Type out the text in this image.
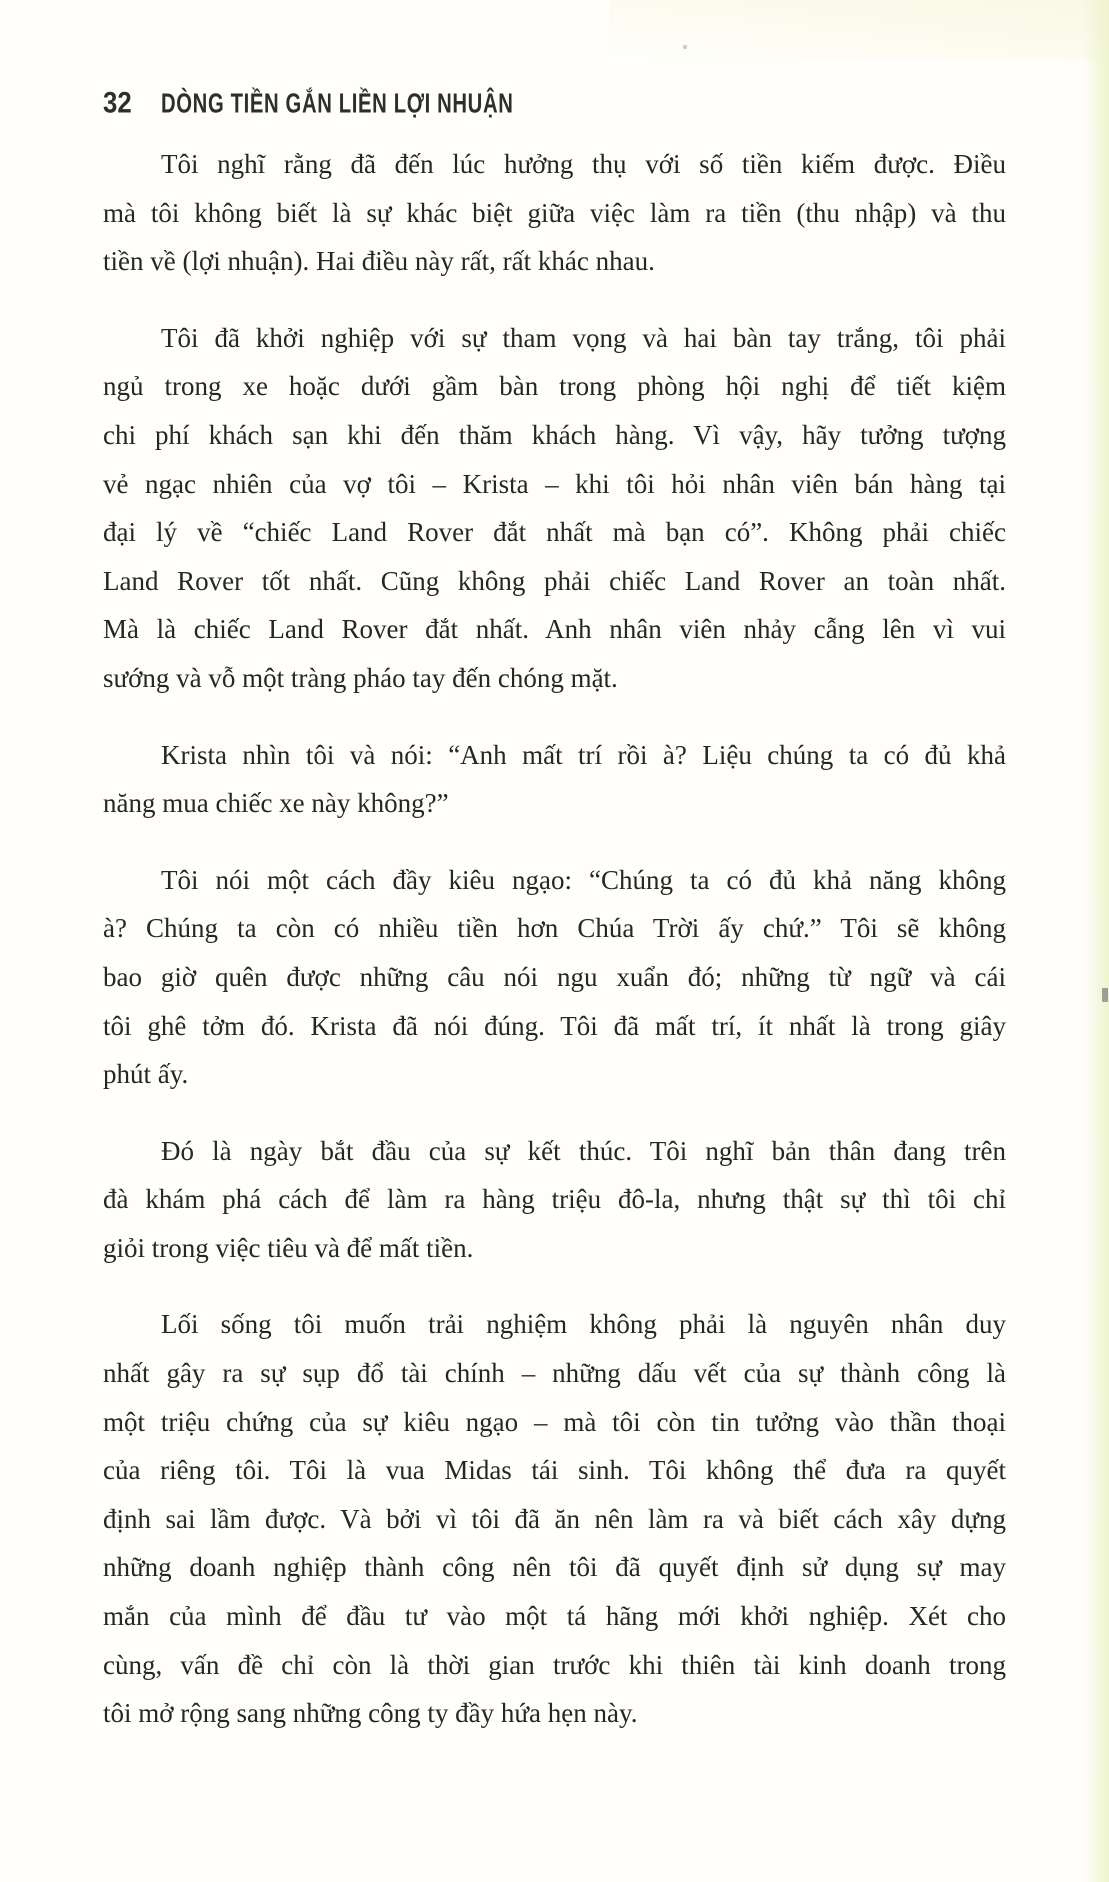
32 DÒNG TIỀN GẮN LIỀN LỢI NHUẬN
Tôi nghĩ rằng đã đến lúc hưởng thụ với số tiền kiếm được. Điều
mà tôi không biết là sự khác biệt giữa việc làm ra tiền (thu nhập) và thu
tiền về (lợi nhuận). Hai điều này rất, rất khác nhau.
Tôi đã khởi nghiệp với sự tham vọng và hai bàn tay trắng, tôi phải
ngủ trong xe hoặc dưới gầm bàn trong phòng hội nghị để tiết kiệm
chi phí khách sạn khi đến thăm khách hàng. Vì vậy, hãy tưởng tượng
vẻ ngạc nhiên của vợ tôi – Krista – khi tôi hỏi nhân viên bán hàng tại
đại lý về “chiếc Land Rover đắt nhất mà bạn có”. Không phải chiếc
Land Rover tốt nhất. Cũng không phải chiếc Land Rover an toàn nhất.
Mà là chiếc Land Rover đắt nhất. Anh nhân viên nhảy cẫng lên vì vui
sướng và vỗ một tràng pháo tay đến chóng mặt.
Krista nhìn tôi và nói: “Anh mất trí rồi à? Liệu chúng ta có đủ khả
năng mua chiếc xe này không?”
Tôi nói một cách đầy kiêu ngạo: “Chúng ta có đủ khả năng không
à? Chúng ta còn có nhiều tiền hơn Chúa Trời ấy chứ.” Tôi sẽ không
bao giờ quên được những câu nói ngu xuẩn đó; những từ ngữ và cái
tôi ghê tởm đó. Krista đã nói đúng. Tôi đã mất trí, ít nhất là trong giây
phút ấy.
Đó là ngày bắt đầu của sự kết thúc. Tôi nghĩ bản thân đang trên
đà khám phá cách để làm ra hàng triệu đô-la, nhưng thật sự thì tôi chỉ
giỏi trong việc tiêu và để mất tiền.
Lối sống tôi muốn trải nghiệm không phải là nguyên nhân duy
nhất gây ra sự sụp đổ tài chính – những dấu vết của sự thành công là
một triệu chứng của sự kiêu ngạo – mà tôi còn tin tưởng vào thần thoại
của riêng tôi. Tôi là vua Midas tái sinh. Tôi không thể đưa ra quyết
định sai lầm được. Và bởi vì tôi đã ăn nên làm ra và biết cách xây dựng
những doanh nghiệp thành công nên tôi đã quyết định sử dụng sự may
mắn của mình để đầu tư vào một tá hãng mới khởi nghiệp. Xét cho
cùng, vấn đề chỉ còn là thời gian trước khi thiên tài kinh doanh trong
tôi mở rộng sang những công ty đầy hứa hẹn này.
